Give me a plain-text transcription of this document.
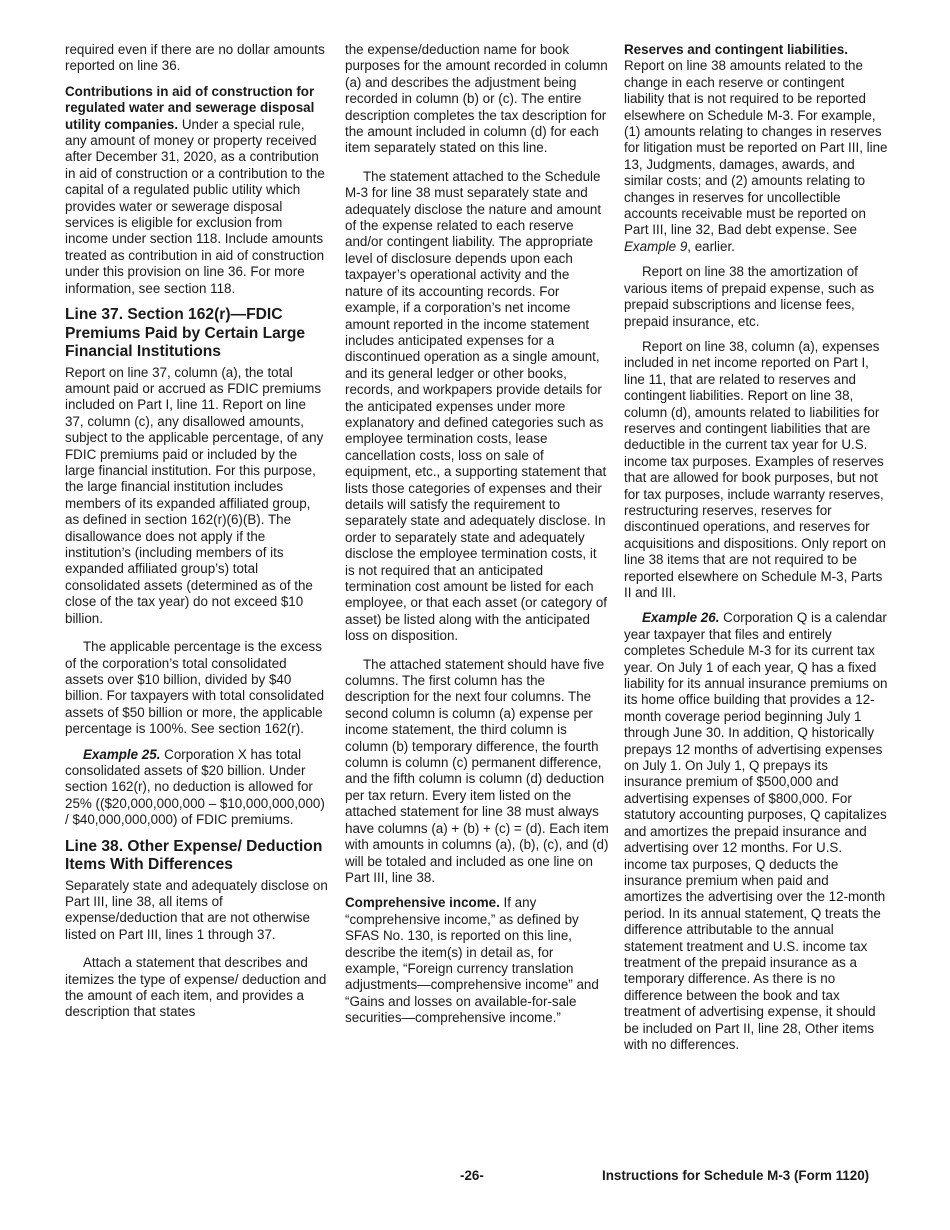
required even if there are no dollar amounts reported on line 36.

Contributions in aid of construction for regulated water and sewerage disposal utility companies. Under a special rule, any amount of money or property received after December 31, 2020, as a contribution in aid of construction or a contribution to the capital of a regulated public utility which provides water or sewerage disposal services is eligible for exclusion from income under section 118. Include amounts treated as contribution in aid of construction under this provision on line 36. For more information, see section 118.

Line 37. Section 162(r)—FDIC Premiums Paid by Certain Large Financial Institutions

Report on line 37, column (a), the total amount paid or accrued as FDIC premiums included on Part I, line 11. Report on line 37, column (c), any disallowed amounts, subject to the applicable percentage, of any FDIC premiums paid or included by the large financial institution. For this purpose, the large financial institution includes members of its expanded affiliated group, as defined in section 162(r)(6)(B). The disallowance does not apply if the institution’s (including members of its expanded affiliated group’s) total consolidated assets (determined as of the close of the tax year) do not exceed $10 billion.

The applicable percentage is the excess of the corporation’s total consolidated assets over $10 billion, divided by $40 billion. For taxpayers with total consolidated assets of $50 billion or more, the applicable percentage is 100%. See section 162(r).

Example 25. Corporation X has total consolidated assets of $20 billion. Under section 162(r), no deduction is allowed for 25% (($20,000,000,000 – $10,000,000,000) / $40,000,000,000) of FDIC premiums.

Line 38. Other Expense/ Deduction Items With Differences

Separately state and adequately disclose on Part III, line 38, all items of expense/deduction that are not otherwise listed on Part III, lines 1 through 37.

Attach a statement that describes and itemizes the type of expense/ deduction and the amount of each item, and provides a description that states

the expense/deduction name for book purposes for the amount recorded in column (a) and describes the adjustment being recorded in column (b) or (c). The entire description completes the tax description for the amount included in column (d) for each item separately stated on this line.

The statement attached to the Schedule M-3 for line 38 must separately state and adequately disclose the nature and amount of the expense related to each reserve and/or contingent liability. The appropriate level of disclosure depends upon each taxpayer’s operational activity and the nature of its accounting records. For example, if a corporation’s net income amount reported in the income statement includes anticipated expenses for a discontinued operation as a single amount, and its general ledger or other books, records, and workpapers provide details for the anticipated expenses under more explanatory and defined categories such as employee termination costs, lease cancellation costs, loss on sale of equipment, etc., a supporting statement that lists those categories of expenses and their details will satisfy the requirement to separately state and adequately disclose. In order to separately state and adequately disclose the employee termination costs, it is not required that an anticipated termination cost amount be listed for each employee, or that each asset (or category of asset) be listed along with the anticipated loss on disposition.

The attached statement should have five columns. The first column has the description for the next four columns. The second column is column (a) expense per income statement, the third column is column (b) temporary difference, the fourth column is column (c) permanent difference, and the fifth column is column (d) deduction per tax return. Every item listed on the attached statement for line 38 must always have columns (a) + (b) + (c) = (d). Each item with amounts in columns (a), (b), (c), and (d) will be totaled and included as one line on Part III, line 38.

Comprehensive income. If any “comprehensive income,” as defined by SFAS No. 130, is reported on this line, describe the item(s) in detail as, for example, “Foreign currency translation adjustments—comprehensive income” and “Gains and losses on available-for-sale securities—comprehensive income.”

Reserves and contingent liabilities. Report on line 38 amounts related to the change in each reserve or contingent liability that is not required to be reported elsewhere on Schedule M-3. For example, (1) amounts relating to changes in reserves for litigation must be reported on Part III, line 13, Judgments, damages, awards, and similar costs; and (2) amounts relating to changes in reserves for uncollectible accounts receivable must be reported on Part III, line 32, Bad debt expense. See Example 9, earlier.

Report on line 38 the amortization of various items of prepaid expense, such as prepaid subscriptions and license fees, prepaid insurance, etc.

Report on line 38, column (a), expenses included in net income reported on Part I, line 11, that are related to reserves and contingent liabilities. Report on line 38, column (d), amounts related to liabilities for reserves and contingent liabilities that are deductible in the current tax year for U.S. income tax purposes. Examples of reserves that are allowed for book purposes, but not for tax purposes, include warranty reserves, restructuring reserves, reserves for discontinued operations, and reserves for acquisitions and dispositions. Only report on line 38 items that are not required to be reported elsewhere on Schedule M-3, Parts II and III.

Example 26. Corporation Q is a calendar year taxpayer that files and entirely completes Schedule M-3 for its current tax year. On July 1 of each year, Q has a fixed liability for its annual insurance premiums on its home office building that provides a 12-month coverage period beginning July 1 through June 30. In addition, Q historically prepays 12 months of advertising expenses on July 1. On July 1, Q prepays its insurance premium of $500,000 and advertising expenses of $800,000. For statutory accounting purposes, Q capitalizes and amortizes the prepaid insurance and advertising over 12 months. For U.S. income tax purposes, Q deducts the insurance premium when paid and amortizes the advertising over the 12-month period. In its annual statement, Q treats the difference attributable to the annual statement treatment and U.S. income tax treatment of the prepaid insurance as a temporary difference. As there is no difference between the book and tax treatment of advertising expense, it should be included on Part II, line 28, Other items with no differences.

-26-	Instructions for Schedule M-3 (Form 1120)
